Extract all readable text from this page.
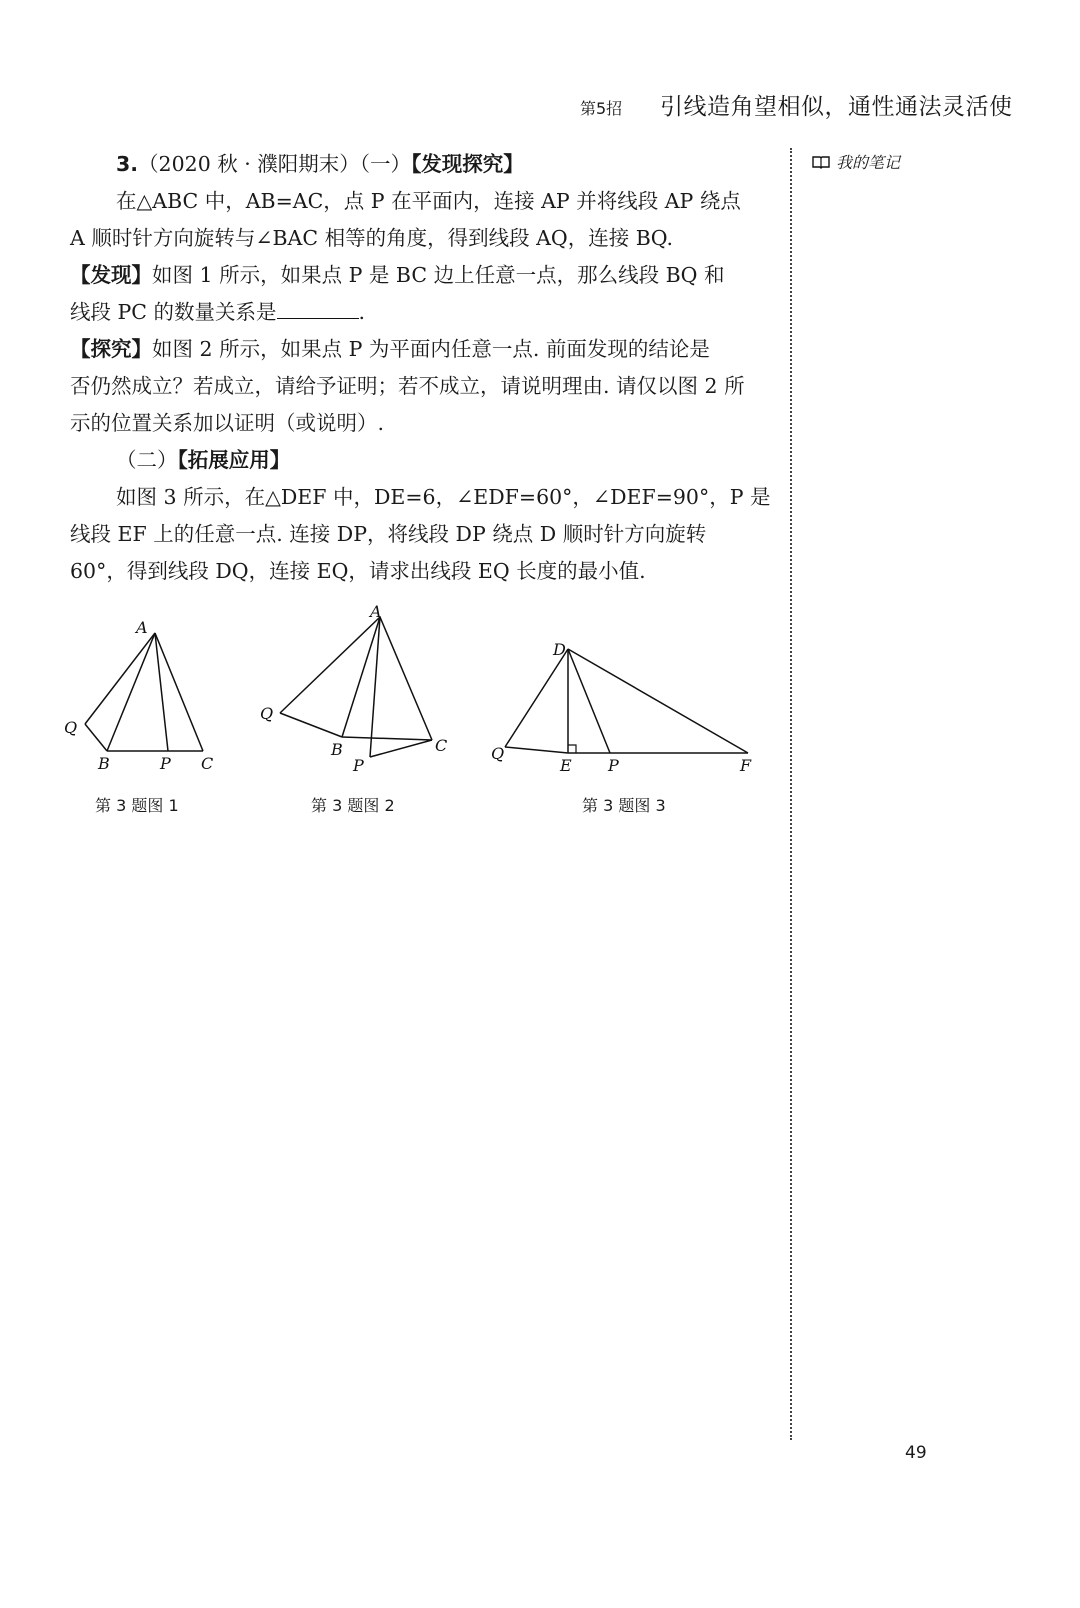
第5招 引线造角望相似，通性通法灵活使
我的笔记

3.（2020 秋 · 濮阳期末）（一）【发现探究】

在△ABC 中，AB=AC，点 P 在平面内，连接 AP 并将线段 AP 绕点

A 顺时针方向旋转与∠BAC 相等的角度，得到线段 AQ，连接 BQ.

【发现】如图 1 所示，如果点 P 是 BC 边上任意一点，那么线段 BQ 和

线段 PC 的数量关系是	.

【探究】如图 2 所示，如果点 P 为平面内任意一点. 前面发现的结论是

否仍然成立？若成立，请给予证明；若不成立，请说明理由. 请仅以图 2 所

示的位置关系加以证明（或说明）.

（二）【拓展应用】

如图 3 所示，在△DEF 中，DE=6，∠EDF=60°，∠DEF=90°，P 是

线段 EF 上的任意一点. 连接 DP，将线段 DP 绕点 D 顺时针方向旋转

60°，得到线段 DQ，连接 EQ，请求出线段 EQ 长度的最小值.

A
Q
B	P C
A
Q
B
P
C
D
Q
E P	F
第 3 题图 1	第 3 题图 2	第 3 题图 3
49
